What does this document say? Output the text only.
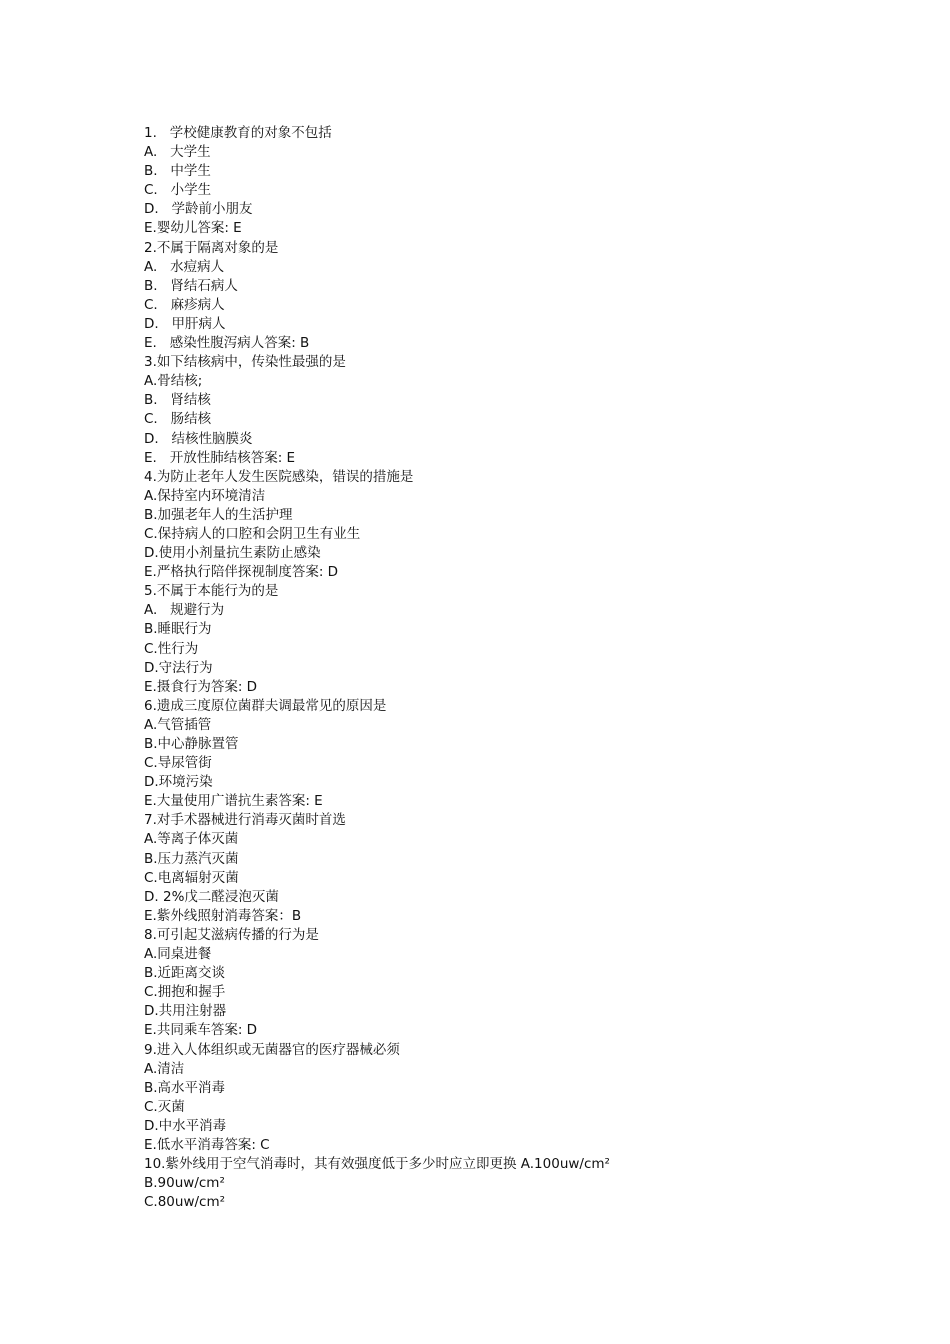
1.   学校健康教育的对象不包括
A.   大学生
B.   中学生
C.   小学生
D.   学龄前小朋友
E.婴幼儿答案: E
2.不属于隔离对象的是
A.   水痘病人
B.   肾结石病人
C.   麻疹病人
D.   甲肝病人
E.   感染性腹泻病人答案: B
3.如下结核病中，传染性最强的是
A.骨结核;
B.   肾结核
C.   肠结核
D.   结核性脑膜炎
E.   开放性肺结核答案: E
4.为防止老年人发生医院感染，错误的措施是
A.保持室内环境清洁
B.加强老年人的生活护理
C.保持病人的口腔和会阴卫生有业生
D.使用小剂量抗生素防止感染
E.严格执行陪伴探视制度答案: D
5.不属于本能行为的是
A.   规避行为
B.睡眠行为
C.性行为
D.守法行为
E.摄食行为答案: D
6.遗成三度原位菌群夫调最常见的原因是
A.气管插管
B.中心静脉置管
C.导尿管街
D.环境污染
E.大量使用广谱抗生素答案: E
7.对手术器械进行消毒灭菌时首选
A.等离子体灭菌
B.压力蒸汽灭菌
C.电离辐射灭菌
D. 2%戊二醛浸泡灭菌
E.紫外线照射消毒答案：B
8.可引起艾滋病传播的行为是
A.同桌进餐
B.近距离交谈
C.拥抱和握手
D.共用注射器
E.共同乘车答案: D
9.进入人体组织或无菌器官的医疗器械必须
A.清洁
B.高水平消毒
C.灭菌
D.中水平消毒
E.低水平消毒答案: C
10.紫外线用于空气消毒时，其有效强度低于多少时应立即更换 A.100uw/cm²
B.90uw/cm²
C.80uw/cm²
